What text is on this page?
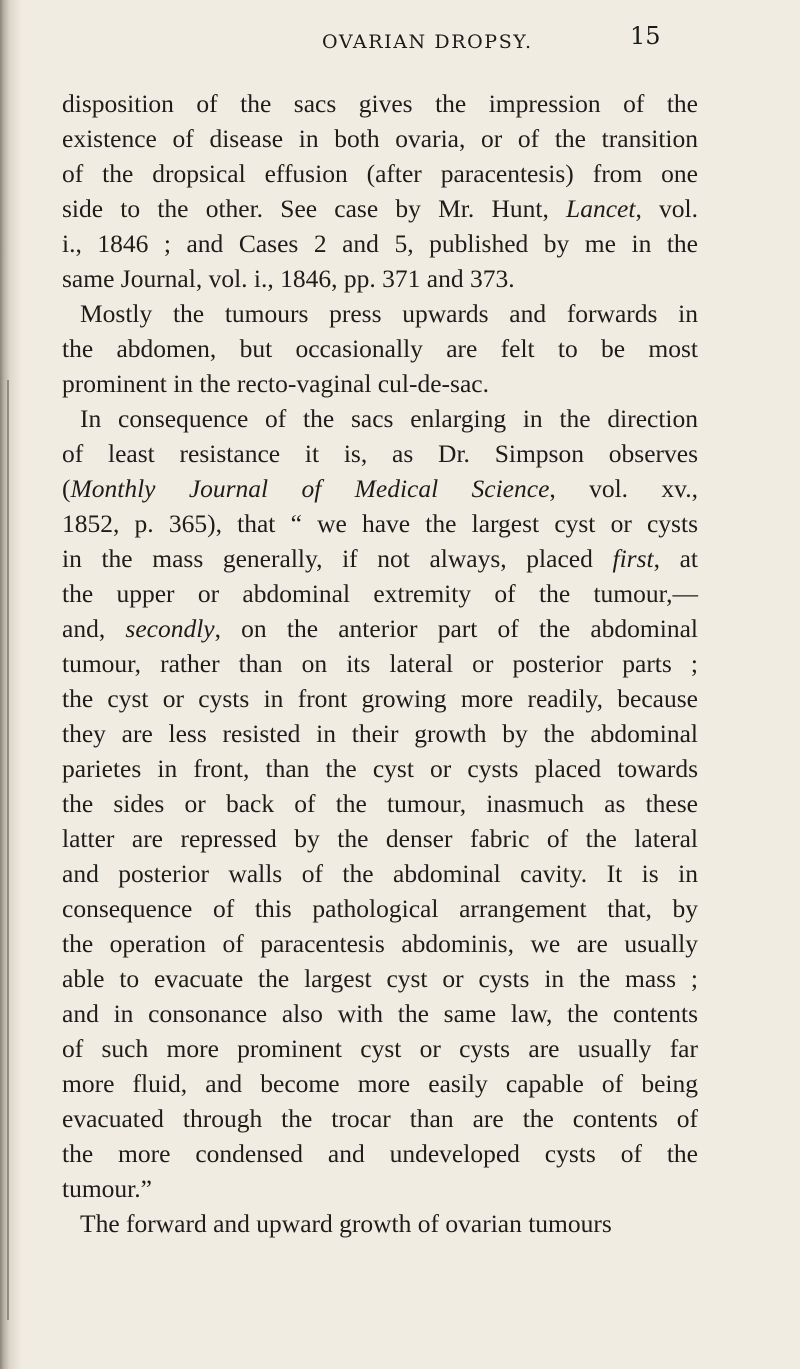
OVARIAN DROPSY.	15
disposition of the sacs gives the impression of the
existence of disease in both ovaria, or of the transition
of the dropsical effusion (after paracentesis) from one
side to the other. See case by Mr. Hunt, Lancet, vol.
i., 1846 ; and Cases 2 and 5, published by me in the
same Journal, vol. i., 1846, pp. 371 and 373.
Mostly the tumours press upwards and forwards in
the abdomen, but occasionally are felt to be most
prominent in the recto-vaginal cul-de-sac.
In consequence of the sacs enlarging in the direction
of least resistance it is, as Dr. Simpson observes
(Monthly Journal of Medical Science, vol. xv.,
1852, p. 365), that “ we have the largest cyst or cysts
in the mass generally, if not always, placed first, at
the upper or abdominal extremity of the tumour,—
and, secondly, on the anterior part of the abdominal
tumour, rather than on its lateral or posterior parts ;
the cyst or cysts in front growing more readily, because
they are less resisted in their growth by the abdominal
parietes in front, than the cyst or cysts placed towards
the sides or back of the tumour, inasmuch as these
latter are repressed by the denser fabric of the lateral
and posterior walls of the abdominal cavity. It is in
consequence of this pathological arrangement that, by
the operation of paracentesis abdominis, we are usually
able to evacuate the largest cyst or cysts in the mass ;
and in consonance also with the same law, the contents
of such more prominent cyst or cysts are usually far
more fluid, and become more easily capable of being
evacuated through the trocar than are the contents of
the more condensed and undeveloped cysts of the
tumour.”
The forward and upward growth of ovarian tumours
